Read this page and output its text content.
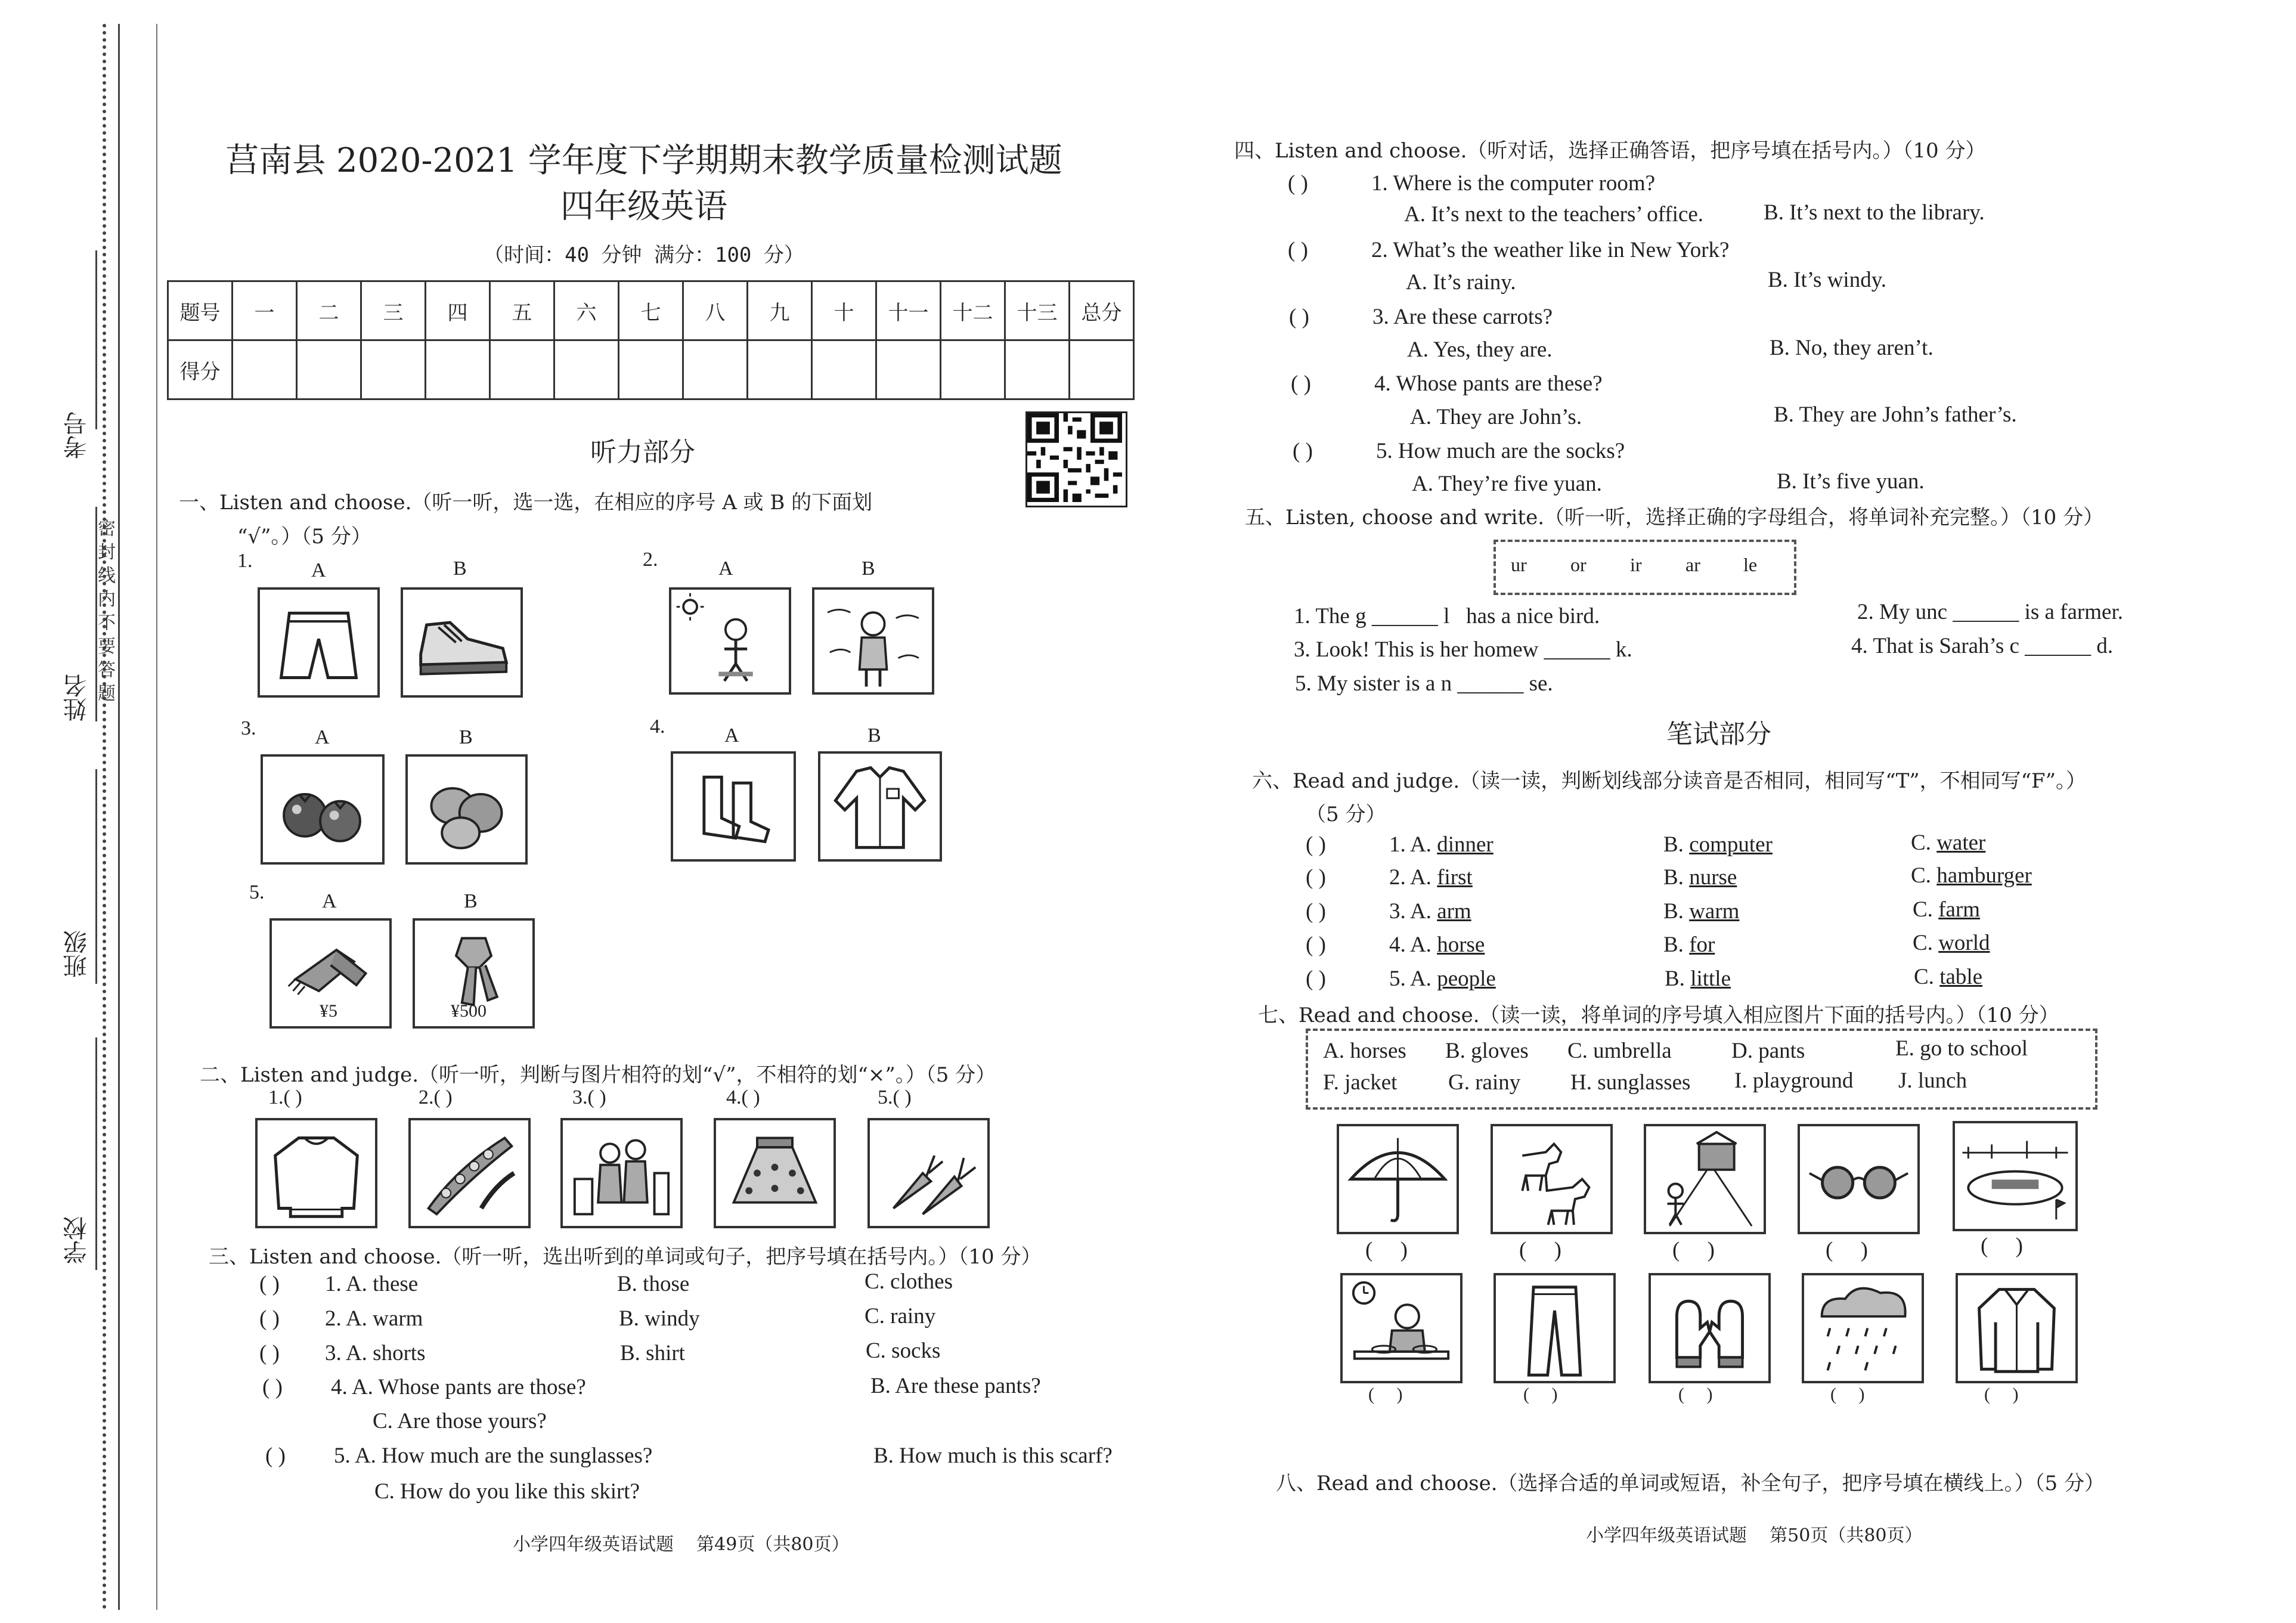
考号
姓名
班级
学校
密 封 线 内 不 要 答 题
莒南县 2020-2021 学年度下学期期末教学质量检测试题
四年级英语
（时间：40 分钟 满分：100 分）
题号	一	二	三	四	五	六	七	八	九	十	十一	十二	十三	总分
得分														
听力部分
一、Listen and choose.（听一听，选一选，在相应的序号 A 或 B 的下面划
“√”。）（5 分）
1.	A	B	2.	A	B
3.	A	B	4.	A	B
5.	A	B
¥5	¥500
二、Listen and judge.（听一听，判断与图片相符的划“√”，不相符的划“×”。）（5 分）
1.( )	2.( )	3.( )	4.( )	5.( )
三、Listen and choose.（听一听，选出听到的单词或句子，把序号填在括号内。）（10 分）
( ) 1. A. these	B. those	C. clothes
( ) 2. A. warm	B. windy	C. rainy
( ) 3. A. shorts	B. shirt	C. socks
( ) 4. A. Whose pants are those?	B. Are these pants?
C. Are those yours?
( ) 5. A. How much are the sunglasses?	B. How much is this scarf?
C. How do you like this skirt?
小学四年级英语试题    第49页（共80页）
四、Listen and choose.（听对话，选择正确答语，把序号填在括号内。）（10 分）
( )	1. Where is the computer room?
A. It’s next to the teachers’ office.	B. It’s next to the library.
( )	2. What’s the weather like in New York?
A. It’s rainy.	B. It’s windy.
( )	3. Are these carrots?
A. Yes, they are.	B. No, they aren’t.
( )	4. Whose pants are these?
A. They are John’s.	B. They are John’s father’s.
( )	5. How much are the socks?
A. They’re five yuan.	B. It’s five yuan.
五、Listen, choose and write.（听一听，选择正确的字母组合，将单词补充完整。）（10 分）
ur or ir ar le
1. The g ______ l   has a nice bird.	2. My unc ______ is a farmer.
3. Look! This is her homew ______ k.	4. That is Sarah’s c ______ d.
5. My sister is a n ______ se.
笔试部分
六、Read and judge.（读一读，判断划线部分读音是否相同，相同写“T”，不相同写“F”。）
（5 分）
( )	1. A. dinner	B. computer	C. water
( )	2. A. first	B. nurse	C. hamburger
( )	3. A. arm	B. warm	C. farm
( )	4. A. horse	B. for	C. world
( )	5. A. people	B. little	C. table
七、Read and choose.（读一读，将单词的序号填入相应图片下面的括号内。）（10 分）
A. horses B. gloves C. umbrella	D. pants	E. go to school
F. jacket G. rainy H. sunglasses I. playground J. lunch
(     )	(     )	(     )	(     )	(     )
(     )	(     )	(     )	(     )	(     )
八、Read and choose.（选择合适的单词或短语，补全句子，把序号填在横线上。）（5 分）
小学四年级英语试题    第50页（共80页）
